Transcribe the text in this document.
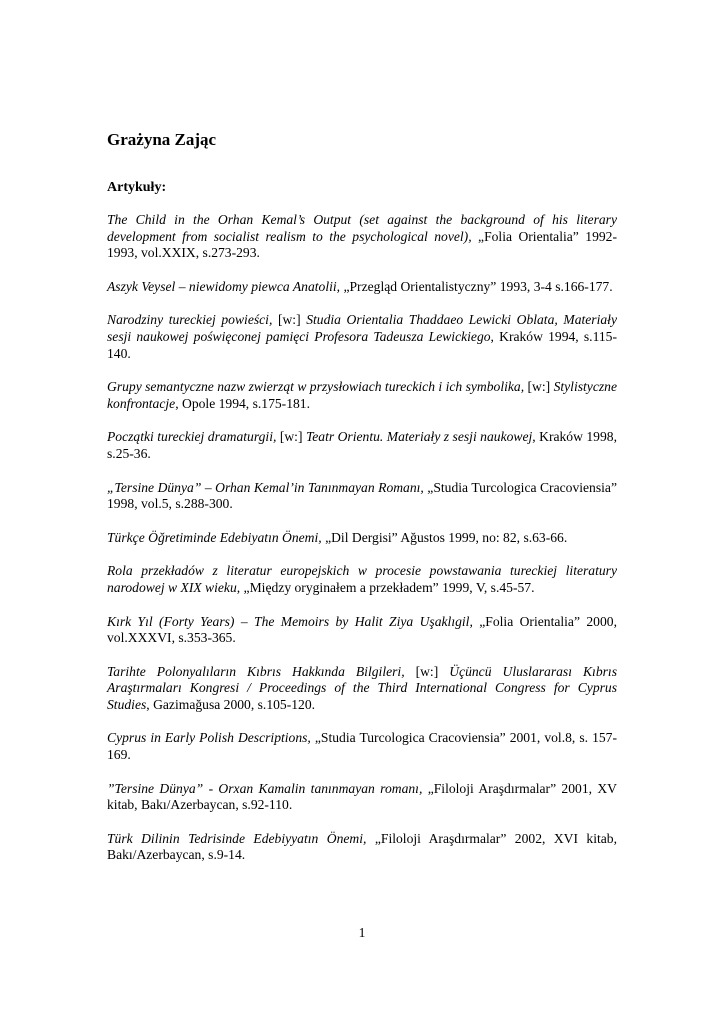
Grażyna Zając
Artykuły:

The Child in the Orhan Kemal’s Output (set against the background of his literary development from socialist realism to the psychological novel), „Folia Orientalia” 1992-1993, vol.XXIX, s.273-293.

Aszyk Veysel – niewidomy piewca Anatolii, „Przegląd Orientalistyczny” 1993, 3-4 s.166-177.

Narodziny tureckiej powieści, [w:] Studia Orientalia Thaddaeo Lewicki Oblata, Materiały sesji naukowej poświęconej pamięci Profesora Tadeusza Lewickiego, Kraków 1994, s.115-140.

Grupy semantyczne nazw zwierząt w przysłowiach tureckich i ich symbolika, [w:] Stylistyczne konfrontacje, Opole 1994, s.175-181.

Początki tureckiej dramaturgii, [w:] Teatr Orientu. Materiały z sesji naukowej, Kraków 1998, s.25-36.

„Tersine Dünya” – Orhan Kemal’in Tanınmayan Romanı, „Studia Turcologica Cracoviensia” 1998, vol.5, s.288-300.

Türkçe Öğretiminde Edebiyatın Önemi, „Dil Dergisi” Ağustos 1999, no: 82, s.63-66.

Rola przekładów z literatur europejskich w procesie powstawania tureckiej literatury narodowej w XIX wieku, „Między oryginałem a przekładem” 1999, V, s.45-57.

Kırk Yıl (Forty Years) – The Memoirs by Halit Ziya Uşaklıgil, „Folia Orientalia” 2000, vol.XXXVI, s.353-365.

Tarihte Polonyalıların Kıbrıs Hakkında Bilgileri, [w:] Üçüncü Uluslararası Kıbrıs Araştırmaları Kongresi / Proceedings of the Third International Congress for Cyprus Studies, Gazimağusa 2000, s.105-120.

Cyprus in Early Polish Descriptions, „Studia Turcologica Cracoviensia” 2001, vol.8, s. 157-169.

”Tersine Dünya” - Orxan Kamalin tanınmayan romanı, „Filoloji Araşdırmalar” 2001, XV kitab, Bakı/Azerbaycan, s.92-110.

Türk Dilinin Tedrisinde Edebiyyatın Önemi, „Filoloji Araşdırmalar” 2002, XVI kitab, Bakı/Azerbaycan, s.9-14.

1
